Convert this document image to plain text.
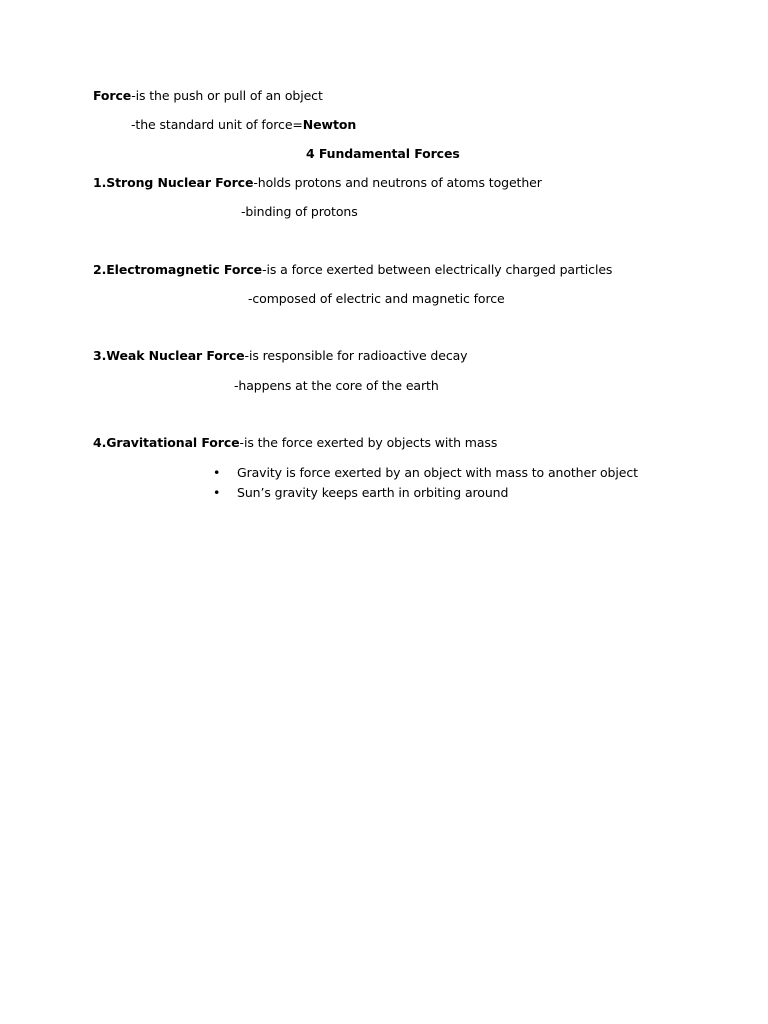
Force-is the push or pull of an object
-the standard unit of force=Newton
4 Fundamental Forces
1.Strong Nuclear Force-holds protons and neutrons of atoms together
-binding of protons
2.Electromagnetic Force-is a force exerted between electrically charged particles
-composed of electric and magnetic force
3.Weak Nuclear Force-is responsible for radioactive decay
-happens at the core of the earth
4.Gravitational Force-is the force exerted by objects with mass
• Gravity is force exerted by an object with mass to another object
• Sun’s gravity keeps earth in orbiting around
